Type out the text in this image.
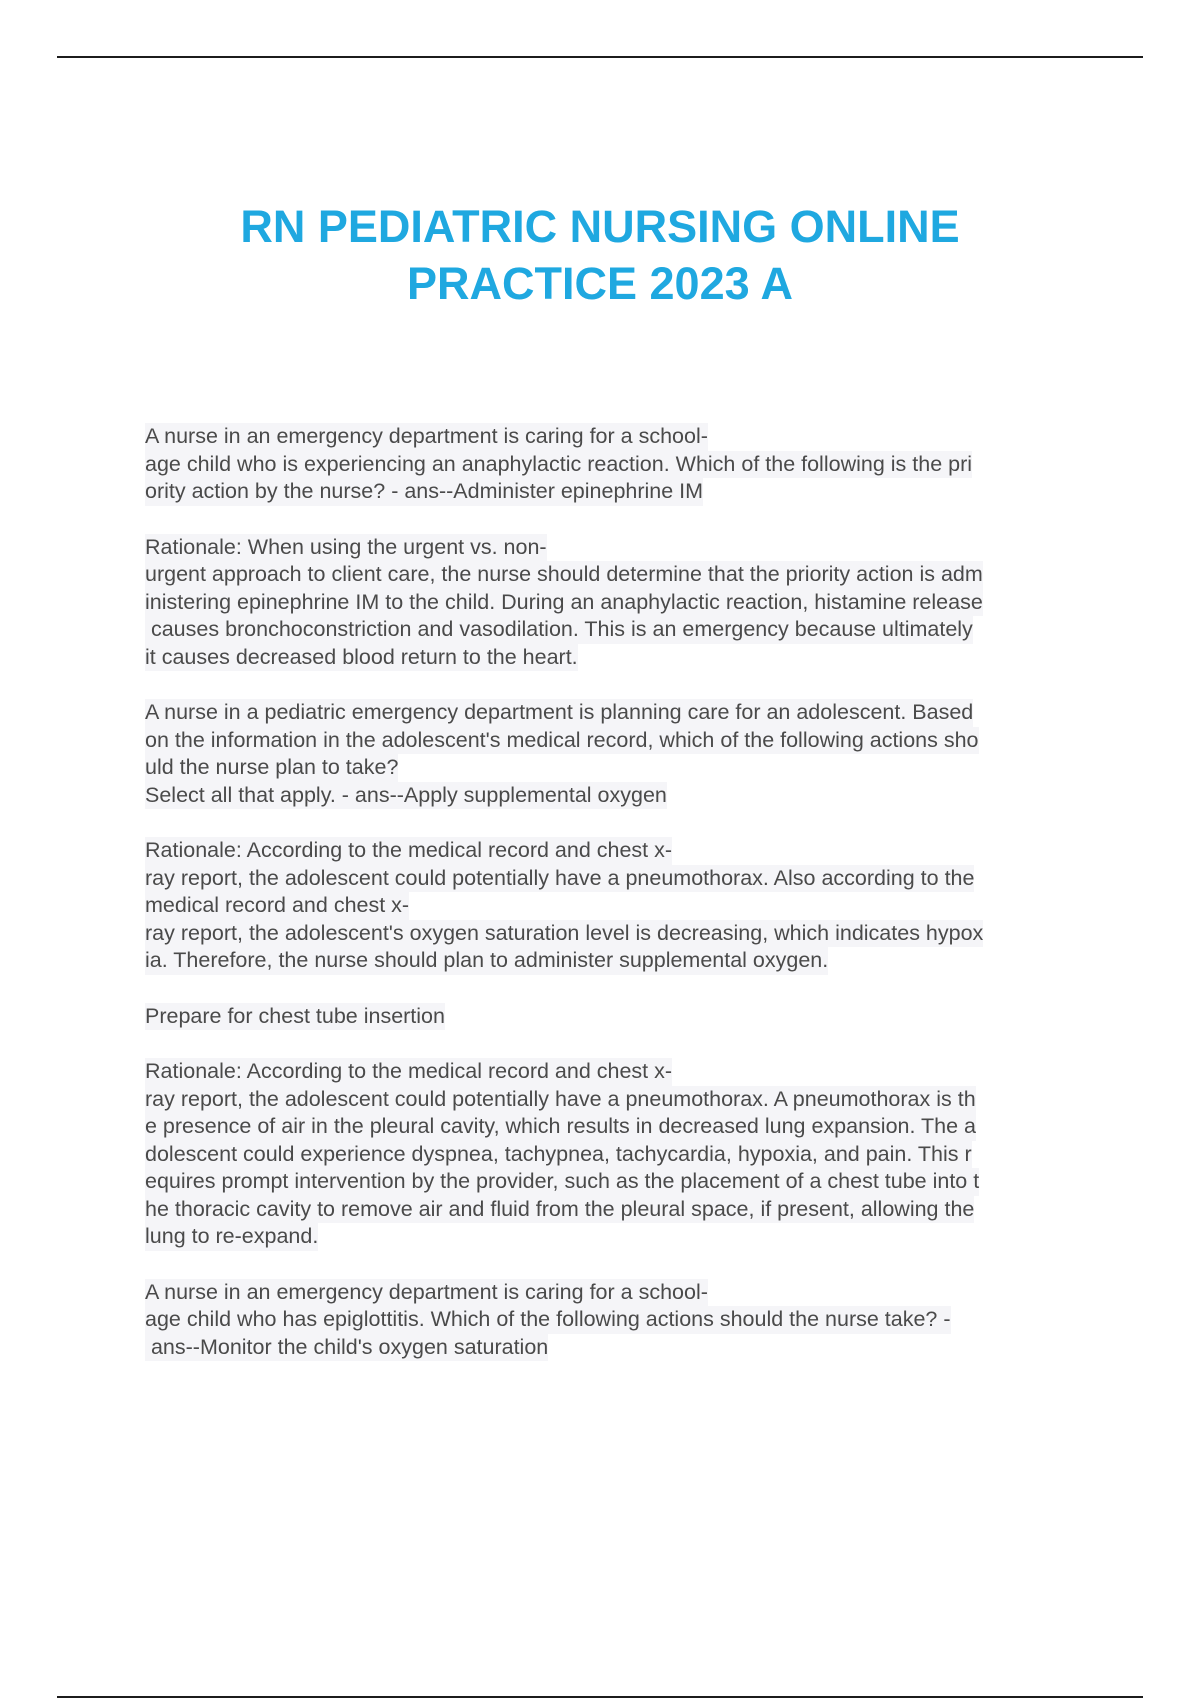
RN PEDIATRIC NURSING ONLINE
PRACTICE 2023 A
A nurse in an emergency department is caring for a school-
age child who is experiencing an anaphylactic reaction. Which of the following is the pri
ority action by the nurse? - ans--Administer epinephrine IM
Rationale: When using the urgent vs. non-
urgent approach to client care, the nurse should determine that the priority action is adm
inistering epinephrine IM to the child. During an anaphylactic reaction, histamine release
causes bronchoconstriction and vasodilation. This is an emergency because ultimately
it causes decreased blood return to the heart.
A nurse in a pediatric emergency department is planning care for an adolescent. Based
on the information in the adolescent's medical record, which of the following actions sho
uld the nurse plan to take?
Select all that apply. - ans--Apply supplemental oxygen
Rationale: According to the medical record and chest x-
ray report, the adolescent could potentially have a pneumothorax. Also according to the
medical record and chest x-
ray report, the adolescent's oxygen saturation level is decreasing, which indicates hypox
ia. Therefore, the nurse should plan to administer supplemental oxygen.
Prepare for chest tube insertion
Rationale: According to the medical record and chest x-
ray report, the adolescent could potentially have a pneumothorax. A pneumothorax is th
e presence of air in the pleural cavity, which results in decreased lung expansion. The a
dolescent could experience dyspnea, tachypnea, tachycardia, hypoxia, and pain. This r
equires prompt intervention by the provider, such as the placement of a chest tube into t
he thoracic cavity to remove air and fluid from the pleural space, if present, allowing the
lung to re-expand.
A nurse in an emergency department is caring for a school-
age child who has epiglottitis. Which of the following actions should the nurse take? -
ans--Monitor the child's oxygen saturation
